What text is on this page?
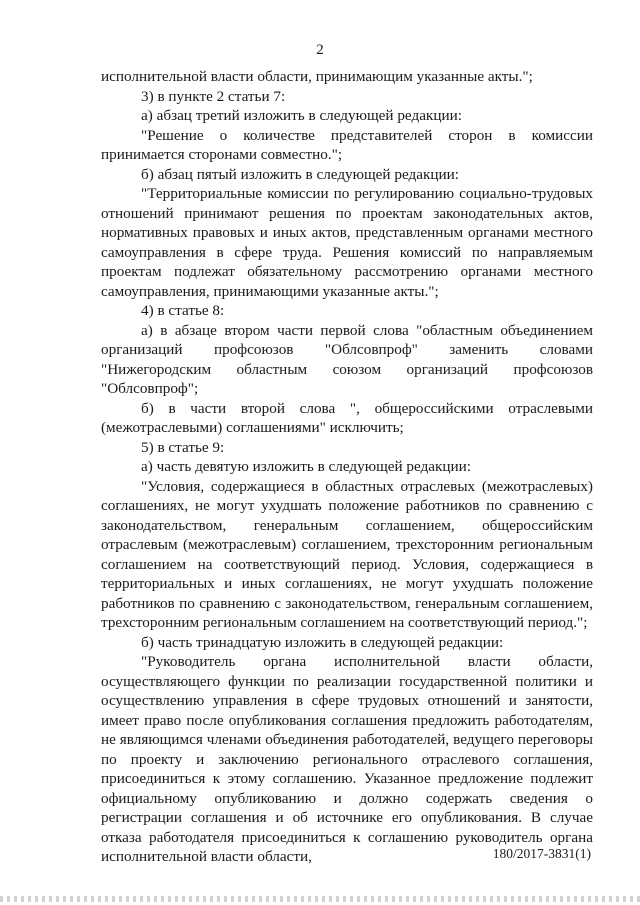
2

исполнительной власти области, принимающим указанные акты.";

3) в пункте 2 статьи 7:

а) абзац третий изложить в следующей редакции:

"Решение о количестве представителей сторон в комиссии принимается сторонами совместно.";

б) абзац пятый изложить в следующей редакции:

"Территориальные комиссии по регулированию социально-трудовых отношений принимают решения по проектам законодательных актов, нормативных правовых и иных актов, представленным органами местного самоуправления в сфере труда. Решения комиссий по направляемым проектам подлежат обязательному рассмотрению органами местного самоуправления, принимающими указанные акты.";

4) в статье 8:

а) в абзаце втором части первой слова "областным объединением организаций профсоюзов "Облсовпроф" заменить словами "Нижегородским областным союзом организаций профсоюзов "Облсовпроф";

б) в части второй слова ", общероссийскими отраслевыми (межотраслевыми) соглашениями" исключить;

5) в статье 9:

а) часть девятую изложить в следующей редакции:

"Условия, содержащиеся в областных отраслевых (межотраслевых) соглашениях, не могут ухудшать положение работников по сравнению с законодательством, генеральным соглашением, общероссийским отраслевым (межотраслевым) соглашением, трехсторонним региональным соглашением на соответствующий период. Условия, содержащиеся в территориальных и иных соглашениях, не могут ухудшать положение работников по сравнению с законодательством, генеральным соглашением, трехсторонним региональным соглашением на соответствующий период.";

б) часть тринадцатую изложить в следующей редакции:

"Руководитель органа исполнительной власти области, осуществляющего функции по реализации государственной политики и осуществлению управления в сфере трудовых отношений и занятости, имеет право после опубликования соглашения предложить работодателям, не являющимся членами объединения работодателей, ведущего переговоры по проекту и заключению регионального отраслевого соглашения, присоединиться к этому соглашению. Указанное предложение подлежит официальному опубликованию и должно содержать сведения о регистрации соглашения и об источнике его опубликования. В случае отказа работодателя присоединиться к соглашению руководитель органа исполнительной власти области,	180/2017-3831(1)
